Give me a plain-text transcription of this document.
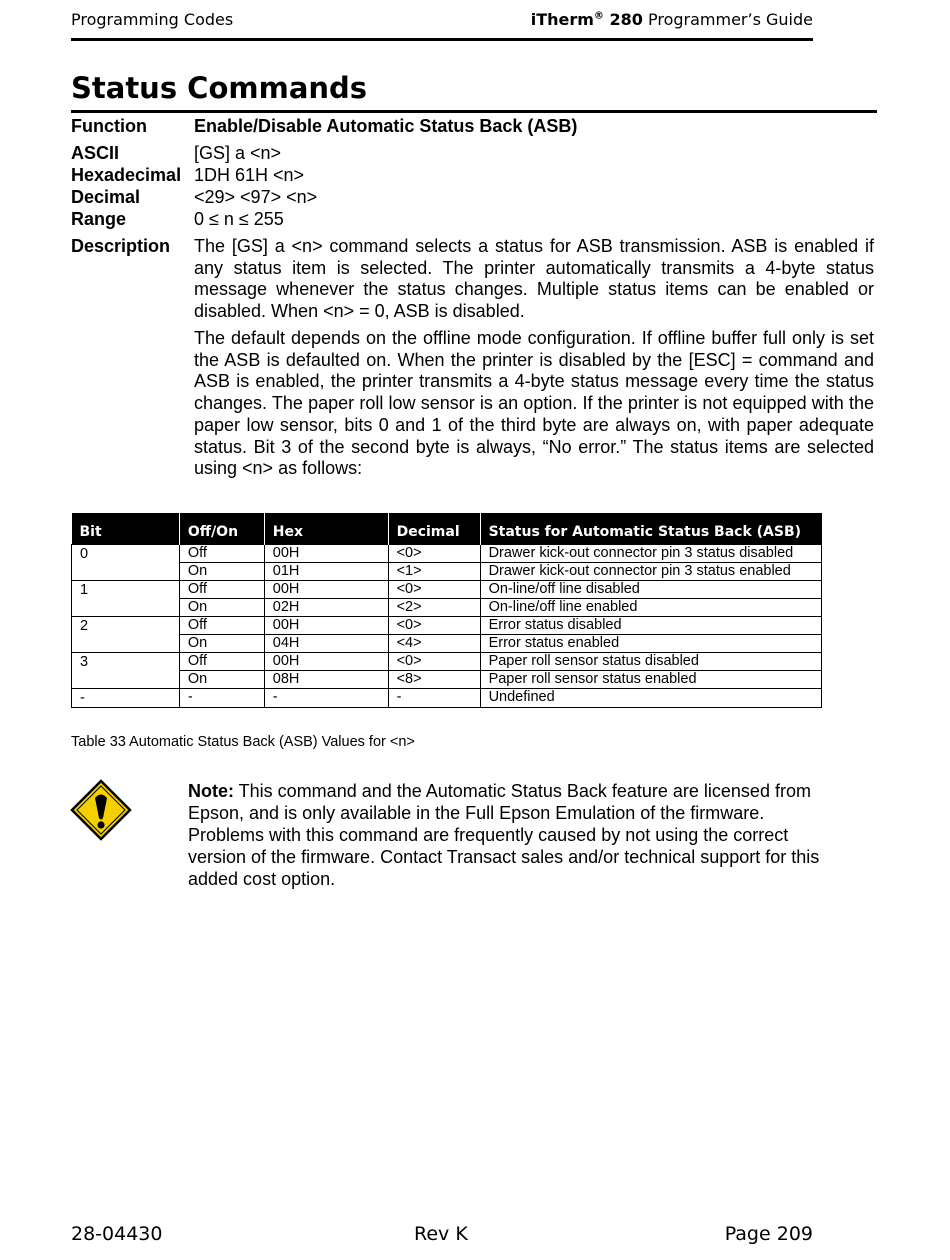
Programming Codes	iTherm® 280 Programmer’s Guide
Status Commands
Function	Enable/Disable Automatic Status Back (ASB)
ASCII	[GS] a <n>
Hexadecimal 1DH 61H <n>
Decimal	<29> <97> <n>
Range	0 ≤ n ≤ 255
Description The [GS] a <n> command selects a status for ASB transmission. ASB is enabled if any status item is selected. The printer automatically transmits a 4-byte status message whenever the status changes. Multiple status items can be enabled or disabled. When <n> = 0, ASB is disabled.

The default depends on the offline mode configuration. If offline buffer full only is set the ASB is defaulted on. When the printer is disabled by the [ESC] = command and ASB is enabled, the printer transmits a 4-byte status message every time the status changes. The paper roll low sensor is an option. If the printer is not equipped with the paper low sensor, bits 0 and 1 of the third byte are always on, with paper adequate status. Bit 3 of the second byte is always, “No error.” The status items are selected using <n> as follows:

Bit	Off/On	Hex	Decimal	Status for Automatic Status Back (ASB)
0	Off	00H	<0>	Drawer kick-out connector pin 3 status disabled
	On	01H	<1>	Drawer kick-out connector pin 3 status enabled
1	Off	00H	<0>	On-line/off line disabled
	On	02H	<2>	On-line/off line enabled
2	Off	00H	<0>	Error status disabled
	On	04H	<4>	Error status enabled
3	Off	00H	<0>	Paper roll sensor status disabled
	On	08H	<8>	Paper roll sensor status enabled
-	-	-	-	Undefined
Table 33 Automatic Status Back (ASB) Values for <n>

Note: This command and the Automatic Status Back feature are licensed from Epson, and is only available in the Full Epson Emulation of the firmware. Problems with this command are frequently caused by not using the correct version of the firmware. Contact Transact sales and/or technical support for this added cost option.

28-04430	Rev K	Page 209
